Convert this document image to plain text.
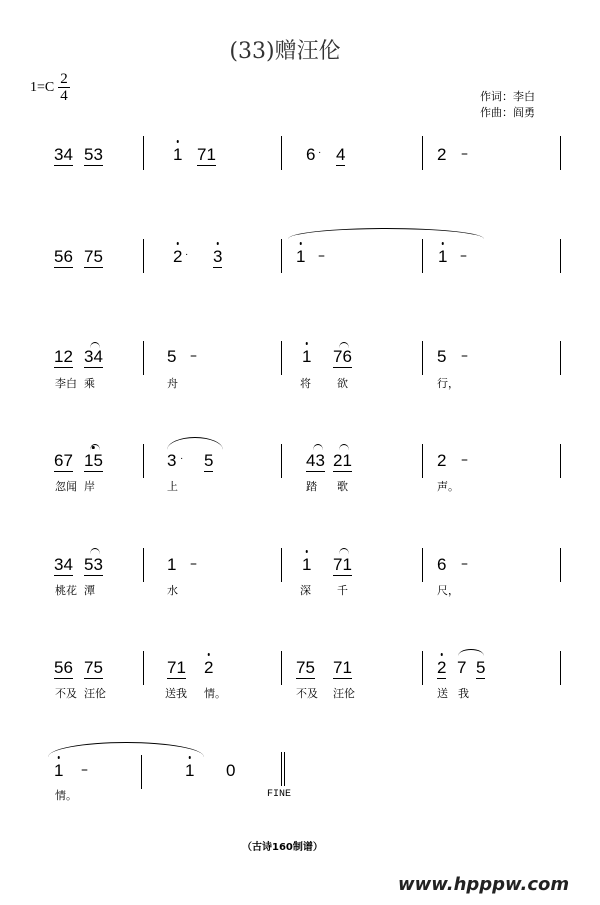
(33)赠汪伦
1=C
2
4	作词：李白
作曲：阎勇
34 53	1 71	6 · 4	2 –
56 75	2 · 3	1 –	1 –
12 34	5 –	1 76	5 –
李白 乘	舟	将 欲	行，
67 15	3 · 5	43 21	2 –
忽闻 岸	上	踏 歌	声。
34 53	1 –	1 71	6 –
桃花 潭	水	深 千	尺，
56 75	71 2	75 71	2 7 5
不及 汪伦	送我 情。	不及 汪伦	送 我
1 –	1 0
情。	FINE
（古诗160制谱）
www.hpppw.com
